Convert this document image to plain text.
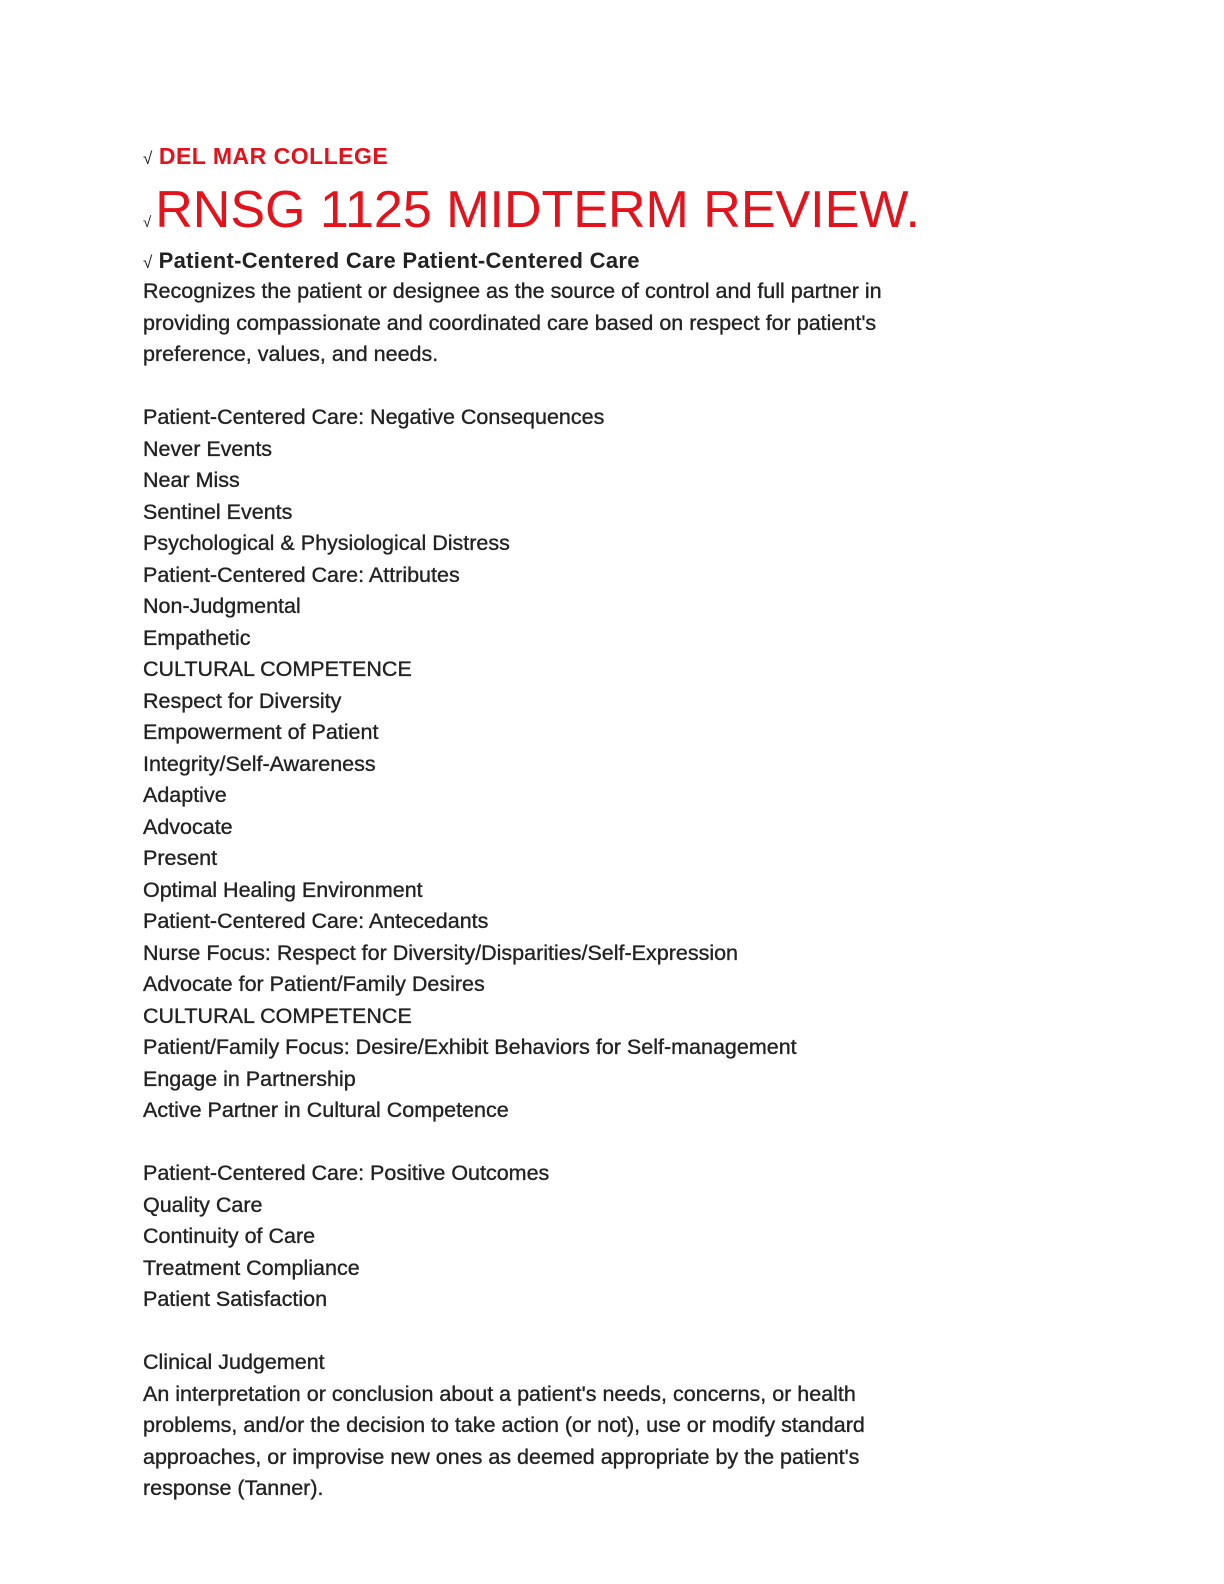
√ DEL MAR COLLEGE
√RNSG 1125 MIDTERM REVIEW.
√ Patient-Centered Care Patient-Centered Care
Recognizes the patient or designee as the source of control and full partner in
providing compassionate and coordinated care based on respect for patient's
preference, values, and needs.
Patient-Centered Care: Negative Consequences
Never Events
Near Miss
Sentinel Events
Psychological & Physiological Distress
Patient-Centered Care: Attributes
Non-Judgmental
Empathetic
CULTURAL COMPETENCE
Respect for Diversity
Empowerment of Patient
Integrity/Self-Awareness
Adaptive
Advocate
Present
Optimal Healing Environment
Patient-Centered Care: Antecedants
Nurse Focus: Respect for Diversity/Disparities/Self-Expression
Advocate for Patient/Family Desires
CULTURAL COMPETENCE
Patient/Family Focus: Desire/Exhibit Behaviors for Self-management
Engage in Partnership
Active Partner in Cultural Competence
Patient-Centered Care: Positive Outcomes
Quality Care
Continuity of Care
Treatment Compliance
Patient Satisfaction
Clinical Judgement
An interpretation or conclusion about a patient's needs, concerns, or health
problems, and/or the decision to take action (or not), use or modify standard
approaches, or improvise new ones as deemed appropriate by the patient's
response (Tanner).
